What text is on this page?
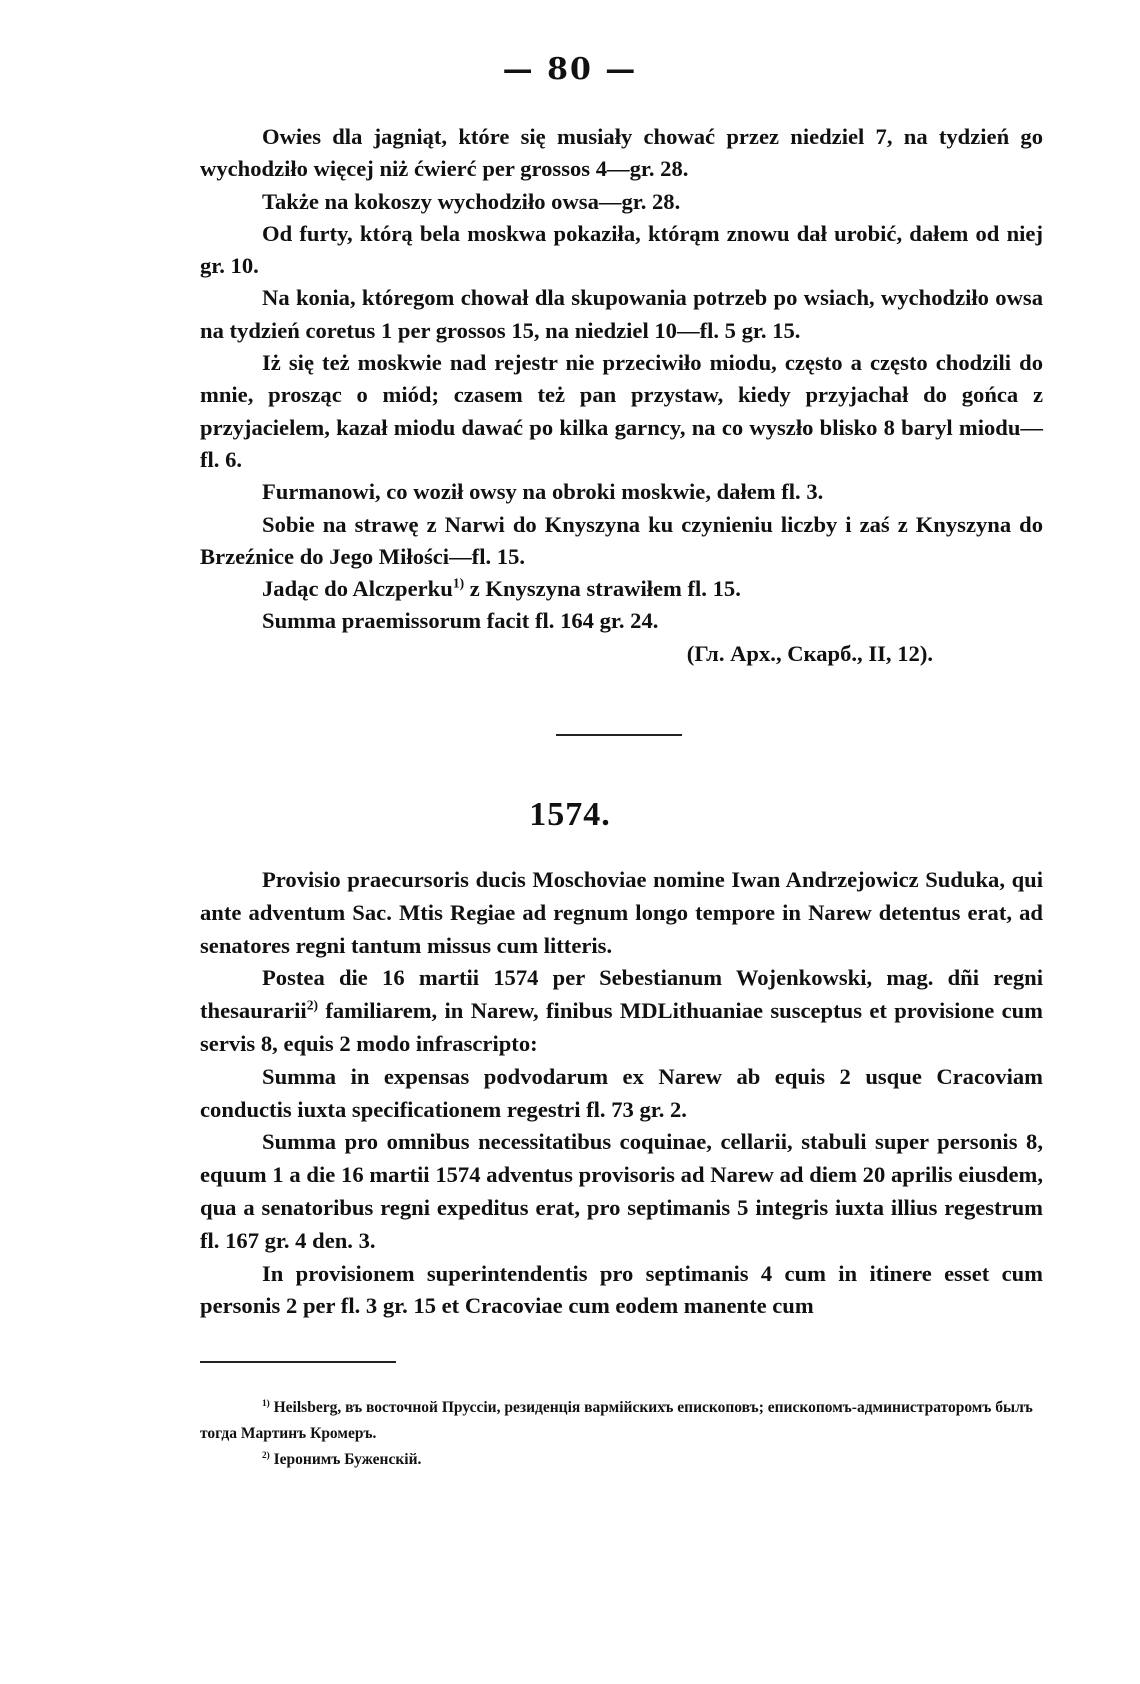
— 80 —

Owies dla jagniąt, które się musiały chować przez niedziel 7, na tydzień go wychodziło więcej niż ćwierć per grossos 4—gr. 28.

Także na kokoszy wychodziło owsa—gr. 28.

Od furty, którą bela moskwa pokaziła, którąm znowu dał urobić, dałem od niej gr. 10.

Na konia, któregom chował dla skupowania potrzeb po wsiach, wychodziło owsa na tydzień coretus 1 per grossos 15, na niedziel 10—fl. 5 gr. 15.

Iż się też moskwie nad rejestr nie przeciwiło miodu, często a często chodzili do mnie, prosząc o miód; czasem też pan przystaw, kiedy przyjachał do gońca z przyjacielem, kazał miodu dawać po kilka garncy, na co wyszło blisko 8 baryl miodu—fl. 6.

Furmanowi, co woził owsy na obroki moskwie, dałem fl. 3.

Sobie na strawę z Narwi do Knyszyna ku czynieniu liczby i zaś z Knyszyna do Brzeźnice do Jego Miłości—fl. 15.

Jadąc do Alczperku$^{1)}$ z Knyszyna strawiłem fl. 15.

Summa praemissorum facit fl. 164 gr. 24.

(Гл. Арх., Скарб., II, 12).

1574.

Provisio praecursoris ducis Moschoviae nomine Iwan Andrzejowicz Suduka, qui ante adventum Sac. Mtis Regiae ad regnum longo tempore in Narew detentus erat, ad senatores regni tantum missus cum litteris.

Postea die 16 martii 1574 per Sebestianum Wojenkowski, mag. dñi regni thesaurarii$^{2)}$ familiarem, in Narew, finibus MDLithuaniae susceptus et provisione cum servis 8, equis 2 modo infrascripto:

Summa in expensas podvodarum ex Narew ab equis 2 usque Cracoviam conductis iuxta specificationem regestri fl. 73 gr. 2.

Summa pro omnibus necessitatibus coquinae, cellarii, stabuli super personis 8, equum 1 a die 16 martii 1574 adventus provisoris ad Narew ad diem 20 aprilis eiusdem, qua a senatoribus regni expeditus erat, pro septimanis 5 integris iuxta illius regestrum fl. 167 gr. 4 den. 3.

In provisionem superintendentis pro septimanis 4 cum in itinere esset cum personis 2 per fl. 3 gr. 15 et Cracoviae cum eodem manente cum

$^{1)}$ Heilsberg, въ восточной Пруссіи, резиденція вармійскихъ епископовъ; епископомъ-администраторомъ былъ тогда Мартинъ Кромеръ.

$^{2)}$ Іеронимъ Буженскій.
